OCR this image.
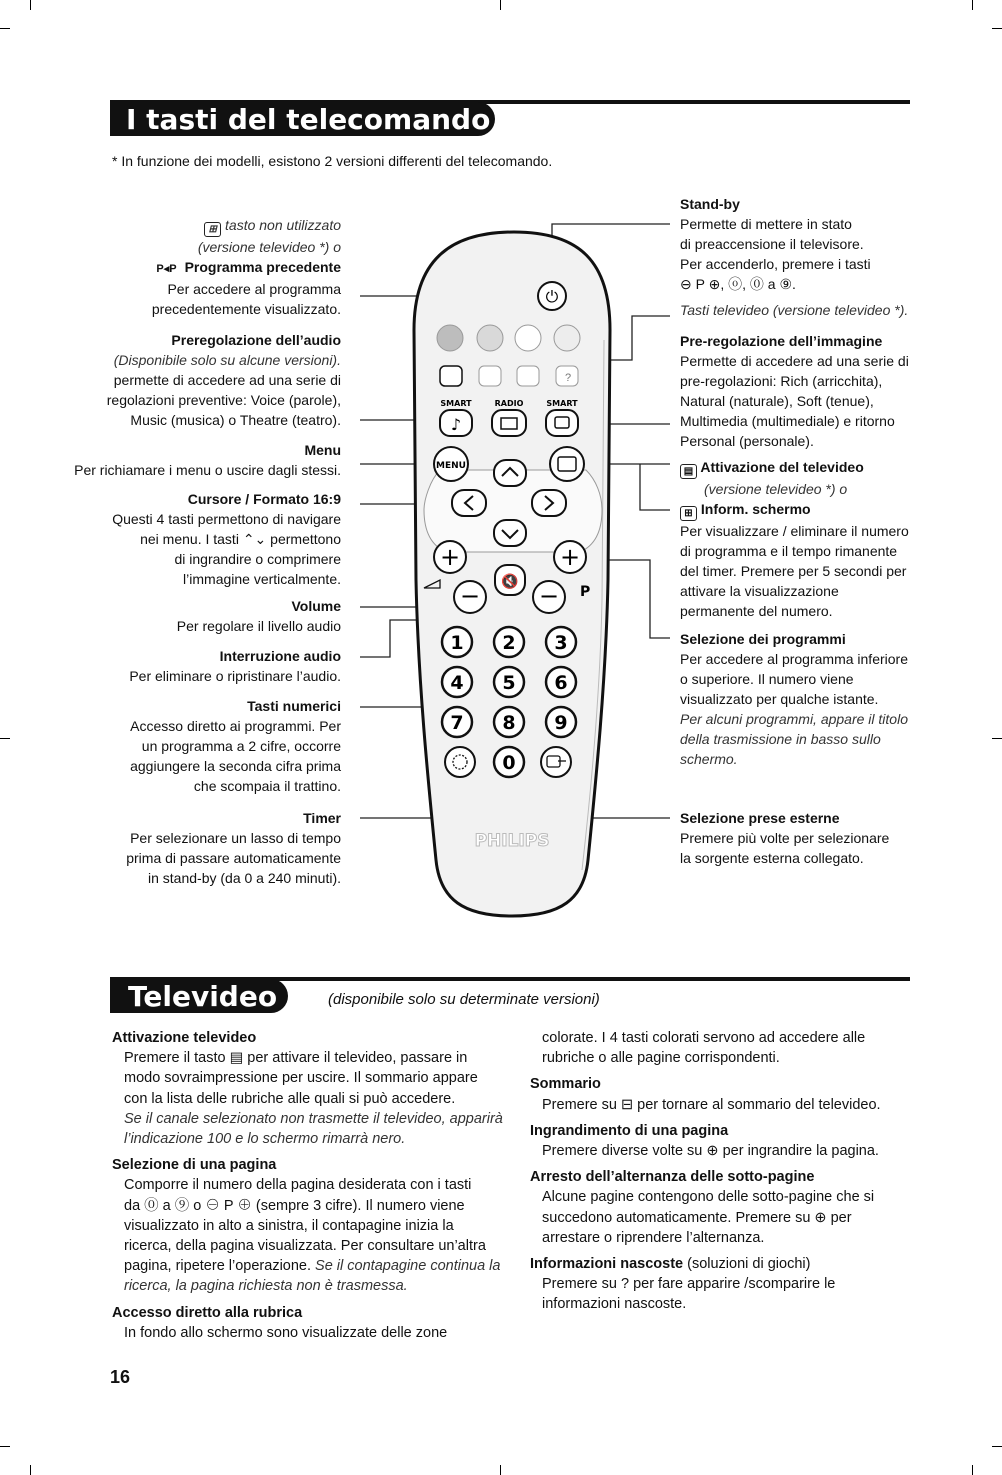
I tasti del telecomando
* In funzione dei modelli, esistono 2 versioni differenti del telecomando.
⏻
?
SMART	RADIO	SMART
♪
MENU
+
− 🔇
+
− P
1 2 3
4 5 6
7 8 9
0
PHILIPS
⊞ tasto non utilizzato
(versione televideo *) o
P◂P Programma precedente
Per accedere al programma
precedentemente visualizzato.
Preregolazione dell’audio
(Disponibile solo su alcune versioni).
permette di accedere ad una serie di
regolazioni preventive: Voice (parole),
Music (musica) o Theatre (teatro).
Menu
Per richiamare i menu o uscire dagli stessi.
Cursore / Formato 16:9
Questi 4 tasti permettono di navigare
nei menu. I tasti ⌃⌄ permettono
di ingrandire o comprimere
l’immagine verticalmente.
Volume
Per regolare il livello audio
Interruzione audio
Per eliminare o ripristinare l’audio.
Tasti numerici
Accesso diretto ai programmi. Per
un programma a 2 cifre, occorre
aggiungere la seconda cifra prima
che scompaia il trattino.
Timer
Per selezionare un lasso di tempo
prima di passare automaticamente
in stand-by (da 0 a 240 minuti).
Stand-by
Permette di mettere in stato
di preaccensione il televisore.
Per accenderlo, premere i tasti
⊖ P ⊕, ⓞ, ⓪ a ⑨.
Tasti televideo (versione televideo *).
Pre-regolazione dell’immagine
Permette di accedere ad una serie di
pre-regolazioni: Rich (arricchita),
Natural (naturale), Soft (tenue),
Multimedia (multimediale) e ritorno
Personal (personale).
▤ Attivazione del televideo
(versione televideo *) o
⊞ Inform. schermo
Per visualizzare / eliminare il numero
di programma e il tempo rimanente
del timer. Premere per 5 secondi per
attivare la visualizzazione
permanente del numero.
Selezione dei programmi
Per accedere al programma inferiore
o superiore. Il numero viene
visualizzato per qualche istante.
Per alcuni programmi, appare il titolo
della trasmissione in basso sullo
schermo.
Selezione prese esterne
Premere più volte per selezionare
la sorgente esterna collegato.
Televideo	(disponibile solo su determinate versioni)
Attivazione televideo
Premere il tasto ▤ per attivare il televideo, passare in
modo sovraimpressione per uscire. Il sommario appare
con la lista delle rubriche alle quali si può accedere.
Se il canale selezionato non trasmette il televideo, apparirà
l’indicazione 100 e lo schermo rimarrà nero.
Selezione di una pagina
Comporre il numero della pagina desiderata con i tasti
da ⓪ a ⑨ o ⊖ P ⊕ (sempre 3 cifre). Il numero viene
visualizzato in alto a sinistra, il contapagine inizia la
ricerca, della pagina visualizzata. Per consultare un’altra
pagina, ripetere l’operazione. Se il contapagine continua la
ricerca, la pagina richiesta non è trasmessa.
Accesso diretto alla rubrica
In fondo allo schermo sono visualizzate delle zone
colorate. I 4 tasti colorati servono ad accedere alle
rubriche o alle pagine corrispondenti.
Sommario
Premere su ⊟ per tornare al sommario del televideo.
Ingrandimento di una pagina
Premere diverse volte su ⊕ per ingrandire la pagina.
Arresto dell’alternanza delle sotto-pagine
Alcune pagine contengono delle sotto-pagine che si
succedono automaticamente. Premere su ⊕ per
arrestare o riprendere l’alternanza.
Informazioni nascoste (soluzioni di giochi)
Premere su ? per fare apparire /scomparire le
informazioni nascoste.
16
